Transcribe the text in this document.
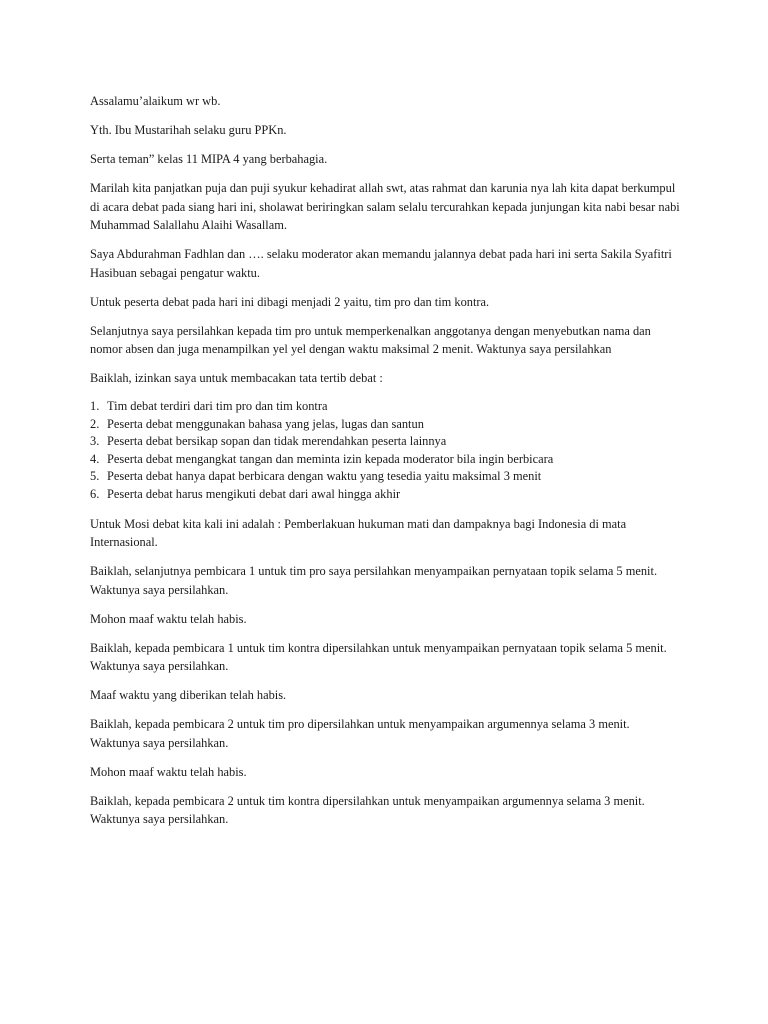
Assalamu’alaikum wr wb.

Yth. Ibu Mustarihah selaku guru PPKn.

Serta teman” kelas 11 MIPA 4 yang berbahagia.

Marilah kita panjatkan puja dan puji syukur kehadirat allah swt, atas rahmat dan karunia nya lah kita dapat berkumpul di acara debat pada siang hari ini, sholawat beriringkan salam selalu tercurahkan kepada junjungan kita nabi besar nabi Muhammad Salallahu Alaihi Wasallam.

Saya Abdurahman Fadhlan dan …. selaku moderator akan memandu jalannya debat pada hari ini serta Sakila Syafitri Hasibuan sebagai pengatur waktu.

Untuk peserta debat pada hari ini dibagi menjadi 2 yaitu, tim pro dan tim kontra.

Selanjutnya saya persilahkan kepada tim pro untuk memperkenalkan anggotanya dengan menyebutkan nama dan nomor absen dan juga menampilkan yel yel dengan waktu maksimal 2 menit. Waktunya saya persilahkan

Baiklah, izinkan saya untuk membacakan tata tertib debat :

1. Tim debat terdiri dari tim pro dan tim kontra
2. Peserta debat menggunakan bahasa yang jelas, lugas dan santun
3. Peserta debat bersikap sopan dan tidak merendahkan peserta lainnya
4. Peserta debat mengangkat tangan dan meminta izin kepada moderator bila ingin berbicara
5. Peserta debat hanya dapat berbicara dengan waktu yang tesedia yaitu maksimal 3 menit
6. Peserta debat harus mengikuti debat dari awal hingga akhir

Untuk Mosi debat kita kali ini adalah : Pemberlakuan hukuman mati dan dampaknya bagi Indonesia di mata Internasional.

Baiklah, selanjutnya pembicara 1 untuk tim pro saya persilahkan menyampaikan pernyataan topik selama 5 menit. Waktunya saya persilahkan.

Mohon maaf waktu telah habis.

Baiklah, kepada pembicara 1 untuk tim kontra dipersilahkan untuk menyampaikan pernyataan topik selama 5 menit. Waktunya saya persilahkan.

Maaf waktu yang diberikan telah habis.

Baiklah, kepada pembicara 2 untuk tim pro dipersilahkan untuk menyampaikan argumennya selama 3 menit. Waktunya saya persilahkan.

Mohon maaf waktu telah habis.

Baiklah, kepada pembicara 2 untuk tim kontra dipersilahkan untuk menyampaikan argumennya selama 3 menit. Waktunya saya persilahkan.
